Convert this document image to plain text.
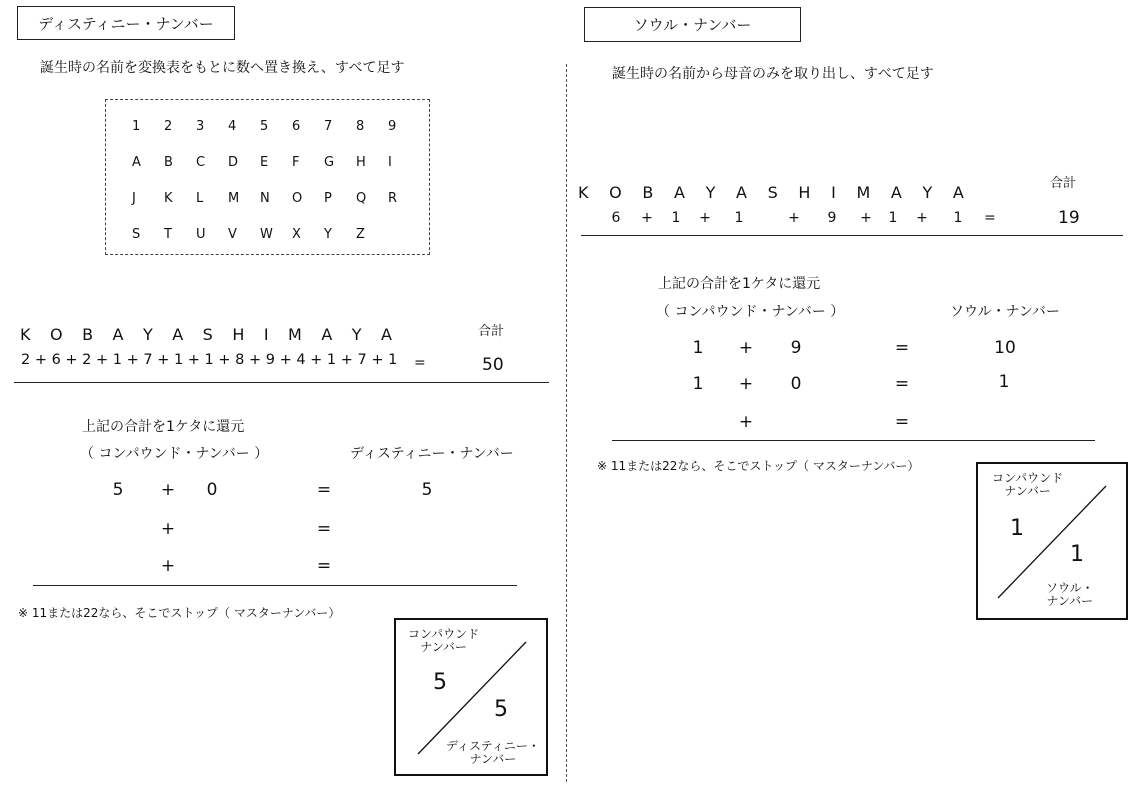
ディスティニー・ナンバー
誕生時の名前を変換表をもとに数へ置き換え、すべて足す
1	2	3	4	5	6	7	8	9
A	B	C	D	E	F	G	H	I
J	K	L	M	N	O	P	Q	R
S	T	U	V	W	X	Y	Z
K O B A Y A S H I M A Y A	合計
2 + 6 + 2 + 1 + 7 + 1 + 1 + 8 + 9 + 4 + 1 + 7 + 1 =	50
上記の合計を1ケタに還元
（ コンパウンド・ナンバー ）	ディスティニー・ナンバー
5 + 0	=	5
+	=
+	=
※ 11または22なら、そこでストップ（ マスターナンバー）
コンパウンド
ナンバー
5
5
ディスティニー・
ナンバー
ソウル・ナンバー
誕生時の名前から母音のみを取り出し、すべて足す
合計
K O B A Y A S H I M A Y A
6 + 1 + 1	+ 9 + 1 + 1 =	19
上記の合計を1ケタに還元
（ コンパウンド・ナンバー ）	ソウル・ナンバー
1 + 9	=	10
1 + 0	=	1
+	=
※ 11または22なら、そこでストップ（ マスターナンバー）
コンパウンド
ナンバー
1
1
ソウル・
ナンバー
